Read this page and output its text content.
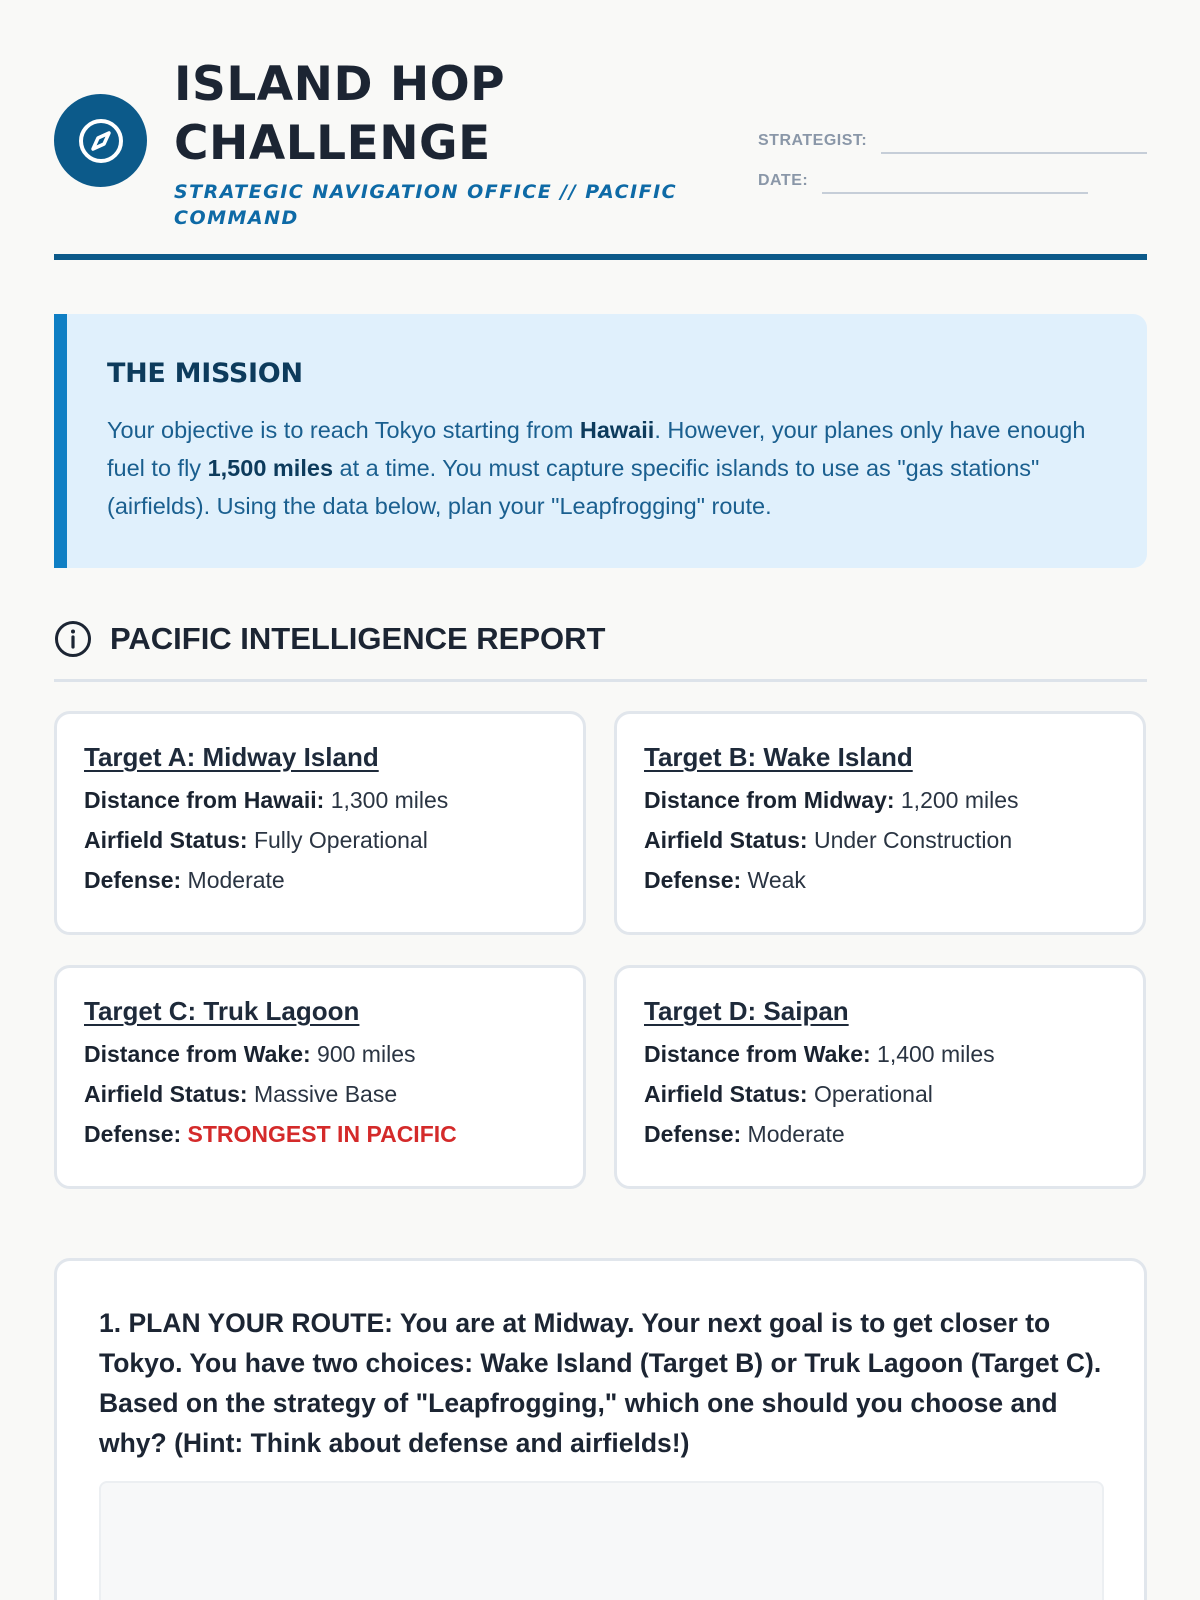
ISLAND HOP CHALLENGE
STRATEGIC NAVIGATION OFFICE // PACIFIC COMMAND
STRATEGIST:
DATE:
THE MISSION
Your objective is to reach Tokyo starting from Hawaii. However, your planes only have enough fuel to fly 1,500 miles at a time. You must capture specific islands to use as "gas stations" (airfields). Using the data below, plan your "Leapfrogging" route.
PACIFIC INTELLIGENCE REPORT
Target A: Midway Island
Distance from Hawaii: 1,300 miles
Airfield Status: Fully Operational
Defense: Moderate
Target B: Wake Island
Distance from Midway: 1,200 miles
Airfield Status: Under Construction
Defense: Weak
Target C: Truk Lagoon
Distance from Wake: 900 miles
Airfield Status: Massive Base
Defense: STRONGEST IN PACIFIC
Target D: Saipan
Distance from Wake: 1,400 miles
Airfield Status: Operational
Defense: Moderate
1. PLAN YOUR ROUTE: You are at Midway. Your next goal is to get closer to Tokyo. You have two choices: Wake Island (Target B) or Truk Lagoon (Target C). Based on the strategy of "Leapfrogging," which one should you choose and why? (Hint: Think about defense and airfields!)
